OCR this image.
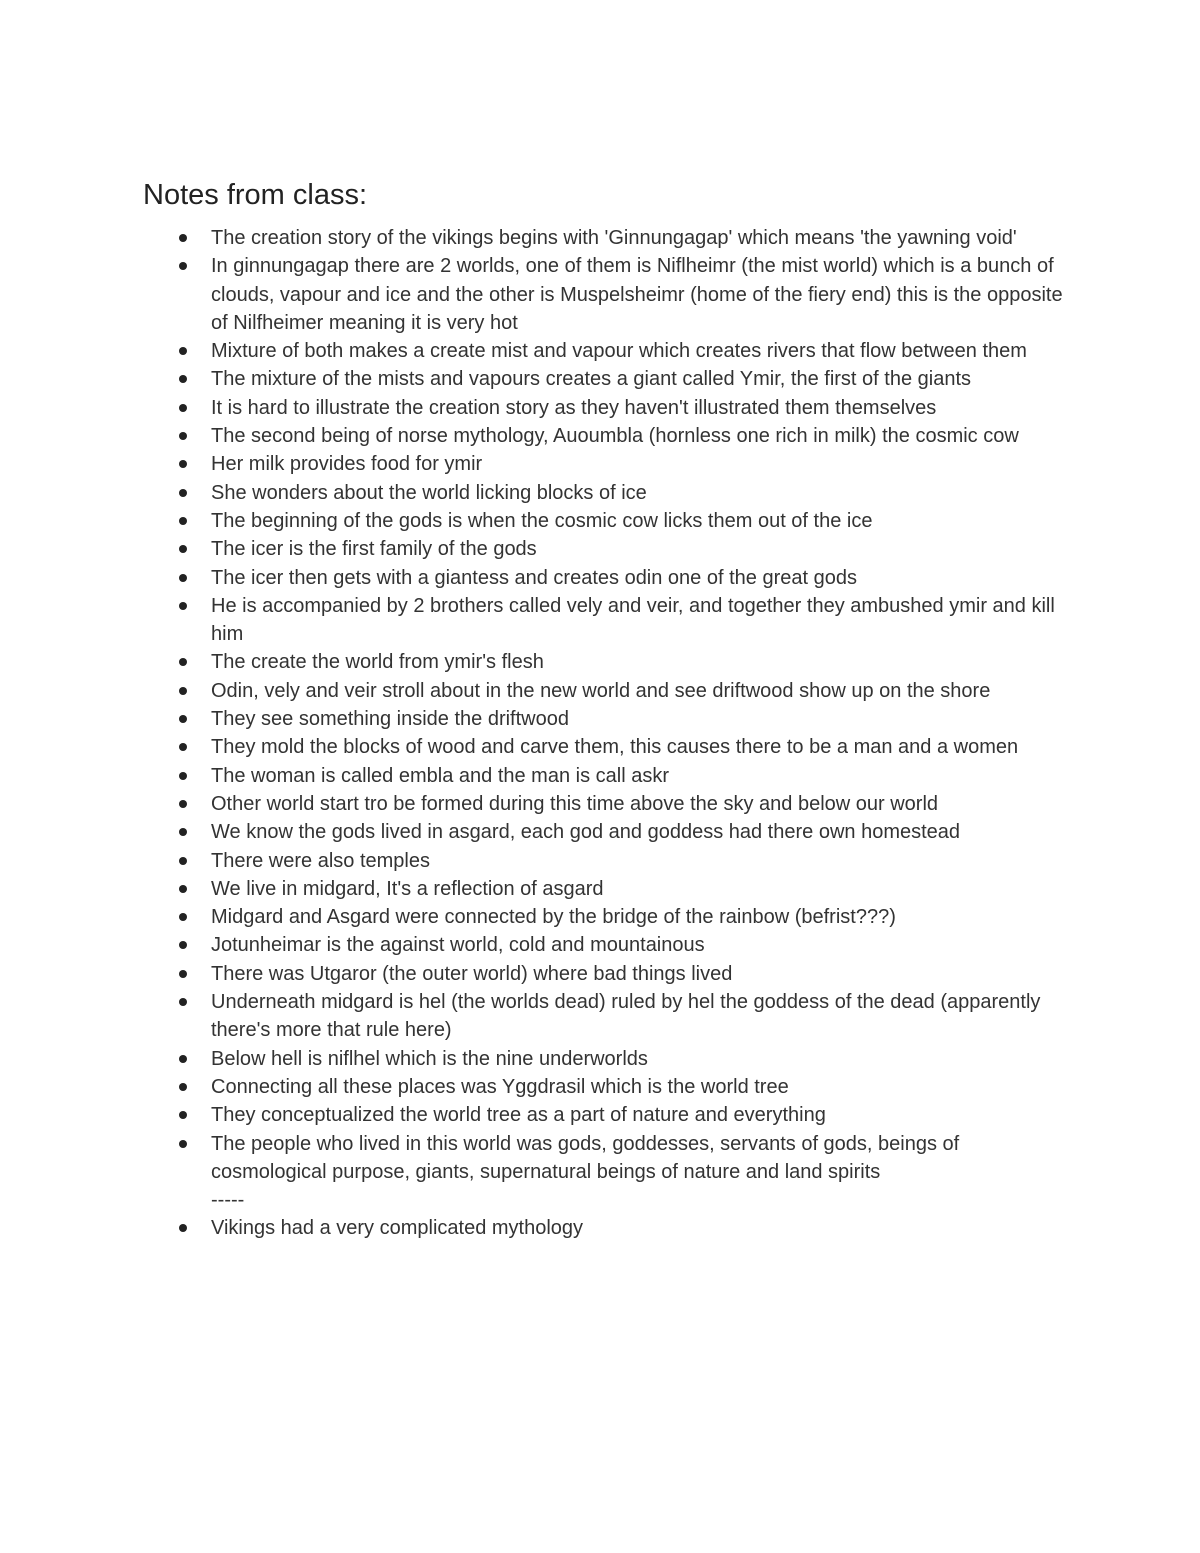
Notes from class:
The creation story of the vikings begins with 'Ginnungagap' which means 'the yawning void'
In ginnungagap there are 2 worlds, one of them is Niflheimr (the mist world) which is a bunch of clouds, vapour and ice and the other is Muspelsheimr (home of the fiery end) this is the opposite of Nilfheimer meaning it is very hot
Mixture of both makes a create mist and vapour which creates rivers that flow between them
The mixture of the mists and vapours creates a giant called Ymir, the first of the giants
It is hard to illustrate the creation story as they haven't illustrated them themselves
The second being of norse mythology, Auoumbla (hornless one rich in milk) the cosmic cow
Her milk provides food for ymir
She wonders about the world licking blocks of ice
The beginning of the gods is when the cosmic cow licks them out of the ice
The icer is the first family of the gods
The icer then gets with a giantess and creates odin one of the great gods
He is accompanied by 2 brothers called vely and veir, and together they ambushed ymir and kill him
The create the world from ymir's flesh
Odin, vely and veir stroll about in the new world and see driftwood show up on the shore
They see something inside the driftwood
They mold the blocks of wood and carve them, this causes there to be a man and a women
The woman is called embla and the man is call askr
Other world start tro be formed during this time above the sky and below our world
We know the gods lived in asgard, each god and goddess had there own homestead
There were also temples
We live in midgard, It's a reflection of asgard
Midgard and Asgard were connected by the bridge of the rainbow (befrist???)
Jotunheimar is the against world, cold and mountainous
There was Utgaror (the outer world) where bad things lived
Underneath midgard is hel (the worlds dead) ruled by hel the goddess of the dead (apparently there's more that rule here)
Below hell is niflhel which is the nine underworlds
Connecting all these places was Yggdrasil which is the world tree
They conceptualized the world tree as a part of nature and everything
The people who lived in this world was gods, goddesses, servants of gods, beings of cosmological purpose, giants, supernatural beings of nature and land spirits
-----
Vikings had a very complicated mythology
